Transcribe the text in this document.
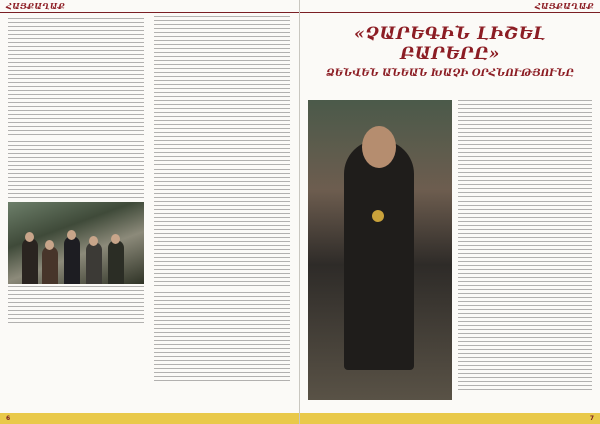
ՀԱՅՔԱՂԱՔ

6
ՀԱՅՔԱՂԱՔ
«ՉԱՐԵԳԻՆ ԼԻՇԵԼ ԲԱՐԵՐԸ»
ՁԵՆՎԵՆ ԱՆԵԱՆ ԽԱՉԻ ՕՐՀՆՈՒԹՅՈՒՆԸ
7
